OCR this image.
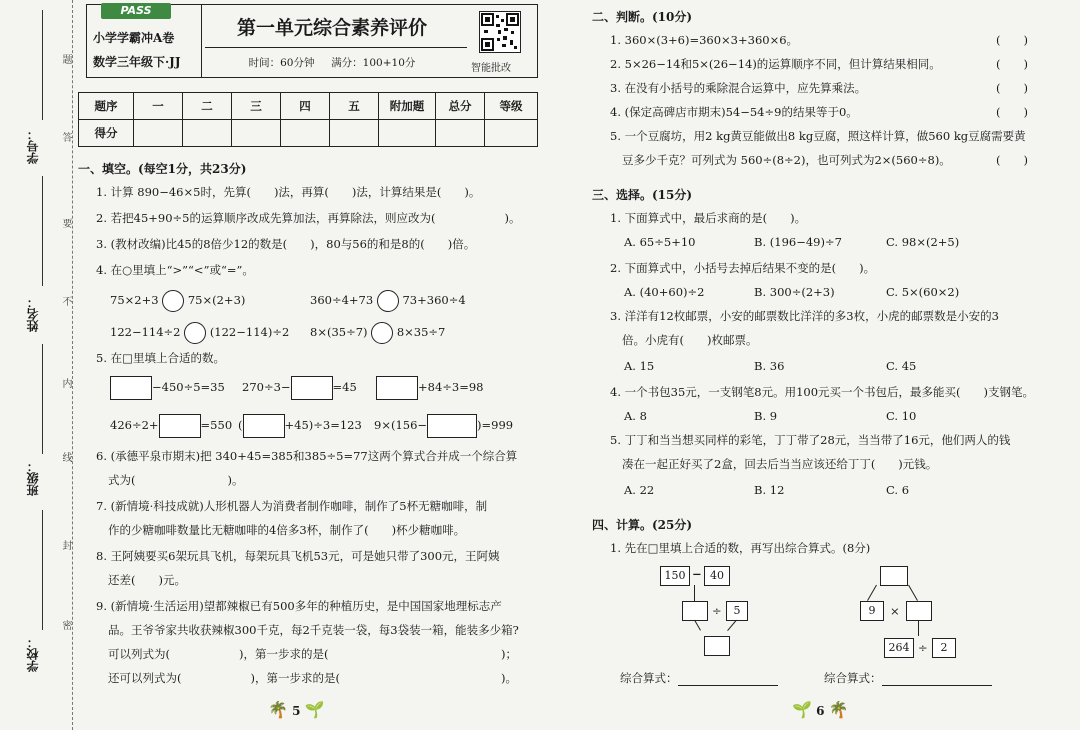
学号：
姓名：
班级：
学校：
题
答
要
不
内
线
封
密
PASS
小学学霸冲A卷
数学三年级下·JJ
第一单元综合素养评价
时间：60分钟 满分：100+10分	智能批改
题序	一	二	三	四	五	附加题	总分	等级
得分								
一、填空。(每空1分，共23分)
1. 计算 890−46×5时，先算(　　)法，再算(　　)法，计算结果是(　　)。
2. 若把45+90÷5的运算顺序改成先算加法，再算除法，则应改为(　　　　　　)。
3. (教材改编)比45的8倍少12的数是(　　)，80与56的和是8的(　　)倍。
4. 在○里填上“>”“<”或“=”。
75×2+3	75×(2+3)	360÷4+73	73+360÷4
122−114÷2	(122−114)÷2 8×(35÷7)	8×35÷7
5. 在□里填上合适的数。
−450÷5=35 270÷3−	=45	+84÷3=98
426÷2+	=550 (	+45)÷3=123 9×(156−	)=999
6. (承德平泉市期末)把 340+45=385和385÷5=77这两个算式合并成一个综合算
式为(　　　　　　　　)。
7. (新情境·科技成就)人形机器人为消费者制作咖啡，制作了5杯无糖咖啡，制
作的少糖咖啡数量比无糖咖啡的4倍多3杯，制作了(　　)杯少糖咖啡。
8. 王阿姨要买6架玩具飞机，每架玩具飞机53元，可是她只带了300元，王阿姨
还差(　　)元。
9. (新情境·生活运用)望都辣椒已有500多年的种植历史，是中国国家地理标志产
品。王爷爷家共收获辣椒300千克，每2千克装一袋，每3袋装一箱，能装多少箱?
可以列式为(　　　　　　)，第一步求的是(　　　　　　　　　　　　　　　)；
还可以列式为(　　　　　　)，第一步求的是(　　　　　　　　　　　　　　)。
🌴 5 🌱
二、判断。(10分)
1. 360×(3+6)=360×3+360×6。	(　　)
2. 5×26−14和5×(26−14)的运算顺序不同，但计算结果相同。	(　　)
3. 在没有小括号的乘除混合运算中，应先算乘法。	(　　)
4. (保定高碑店市期末)54−54÷9的结果等于0。	(　　)
5. 一个豆腐坊，用2 kg黄豆能做出8 kg豆腐，照这样计算，做560 kg豆腐需要黄
豆多少千克？可列式为 560÷(8÷2)，也可列式为2×(560÷8)。	(　　)
三、选择。(15分)
1. 下面算式中，最后求商的是(　　)。
A. 65÷5+10	B. (196−49)÷7	C. 98×(2+5)
2. 下面算式中，小括号去掉后结果不变的是(　　)。
A. (40+60)÷2	B. 300÷(2+3)	C. 5×(60×2)
3. 洋洋有12枚邮票，小安的邮票数比洋洋的多3枚，小虎的邮票数是小安的3
倍。小虎有(　　)枚邮票。
A. 15	B. 36	C. 45
4. 一个书包35元，一支钢笔8元。用100元买一个书包后，最多能买(　　)支钢笔。
A. 8	B. 9	C. 10
5. 丁丁和当当想买同样的彩笔，丁丁带了28元，当当带了16元，他们两人的钱
凑在一起正好买了2盒，回去后当当应该还给丁丁(　　)元钱。
A. 22	B. 12	C. 6
四、计算。(25分)
1. 先在□里填上合适的数，再写出综合算式。(8分)
150 − 40
÷	5	9	×
264 ÷	2
综合算式：	综合算式：
🌱 6 🌴
